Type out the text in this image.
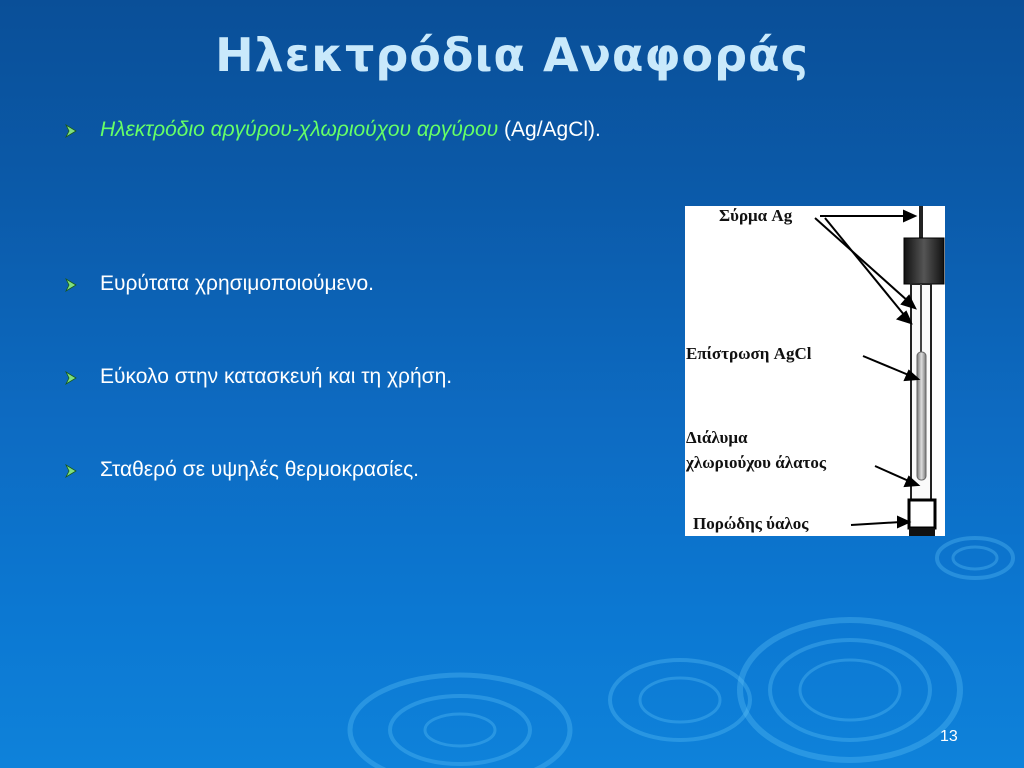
Ηλεκτρόδια Αναφοράς
Ηλεκτρόδιο αργύρου-χλωριούχου αργύρου (Ag/AgCl).
Ευρύτατα χρησιμοποιούμενο.
Εύκολο στην κατασκευή και τη χρήση.
Σταθερό σε υψηλές θερμοκρασίες.
Σύρμα Ag
Επίστρωση AgCl
Διάλυμα
χλωριούχου άλατος
Πορώδης ύαλος
13
